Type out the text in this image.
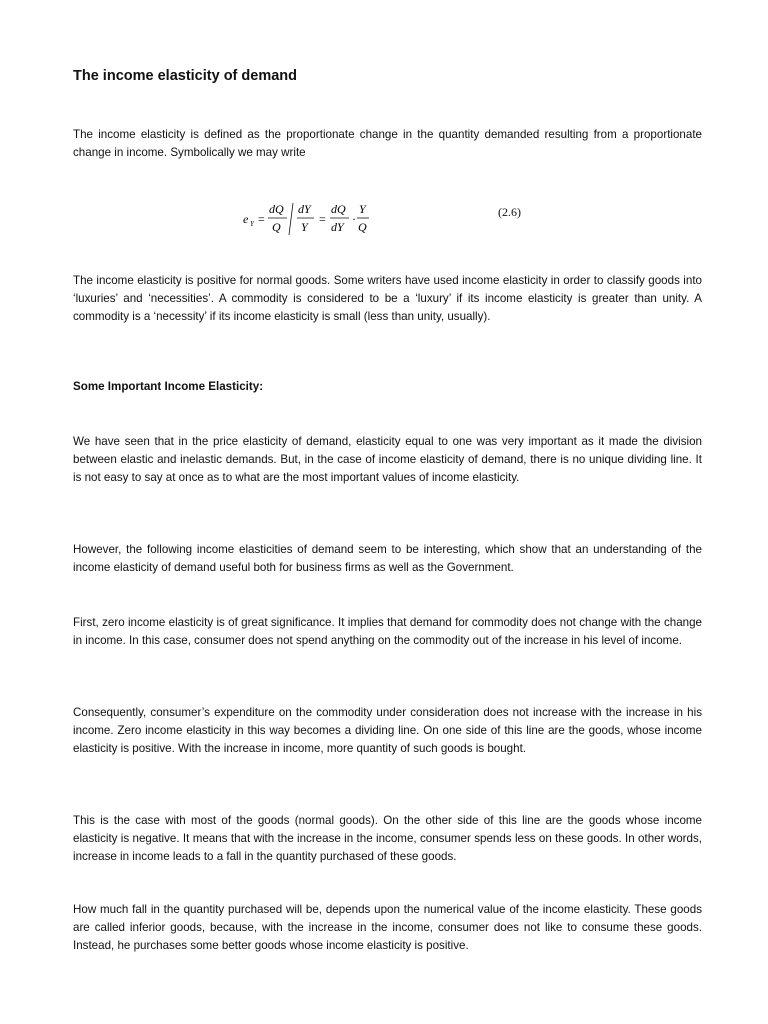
The income elasticity of demand

The income elasticity is defined as the proportionate change in the quantity demanded resulting from a proportionate change in income. Symbolically we may write

e Y =
dQ
Q
dY
Y
=
dQ
dY
·
Y
Q
(2.6)

The income elasticity is positive for normal goods. Some writers have used income elasticity in order to classify goods into ‘luxuries’ and ‘necessities’. A commodity is considered to be a ‘luxury’ if its income elasticity is greater than unity. A commodity is a ‘necessity’ if its income elasticity is small (less than unity, usually).

Some Important Income Elasticity:

We have seen that in the price elasticity of demand, elasticity equal to one was very important as it made the division between elastic and inelastic demands. But, in the case of income elasticity of demand, there is no unique dividing line. It is not easy to say at once as to what are the most important values of income elasticity.

However, the following income elasticities of demand seem to be interesting, which show that an understanding of the income elasticity of demand useful both for business firms as well as the Government.

First, zero income elasticity is of great significance. It implies that demand for commodity does not change with the change in income. In this case, consumer does not spend anything on the commodity out of the increase in his level of income.

Consequently, consumer’s expenditure on the commodity under consideration does not increase with the increase in his income. Zero income elasticity in this way becomes a dividing line. On one side of this line are the goods, whose income elasticity is positive. With the increase in income, more quantity of such goods is bought.

This is the case with most of the goods (normal goods). On the other side of this line are the goods whose income elasticity is negative. It means that with the increase in the income, consumer spends less on these goods. In other words, increase in income leads to a fall in the quantity purchased of these goods.

How much fall in the quantity purchased will be, depends upon the numerical value of the income elasticity. These goods are called inferior goods, because, with the increase in the income, consumer does not like to consume these goods. Instead, he purchases some better goods whose income elasticity is positive.
